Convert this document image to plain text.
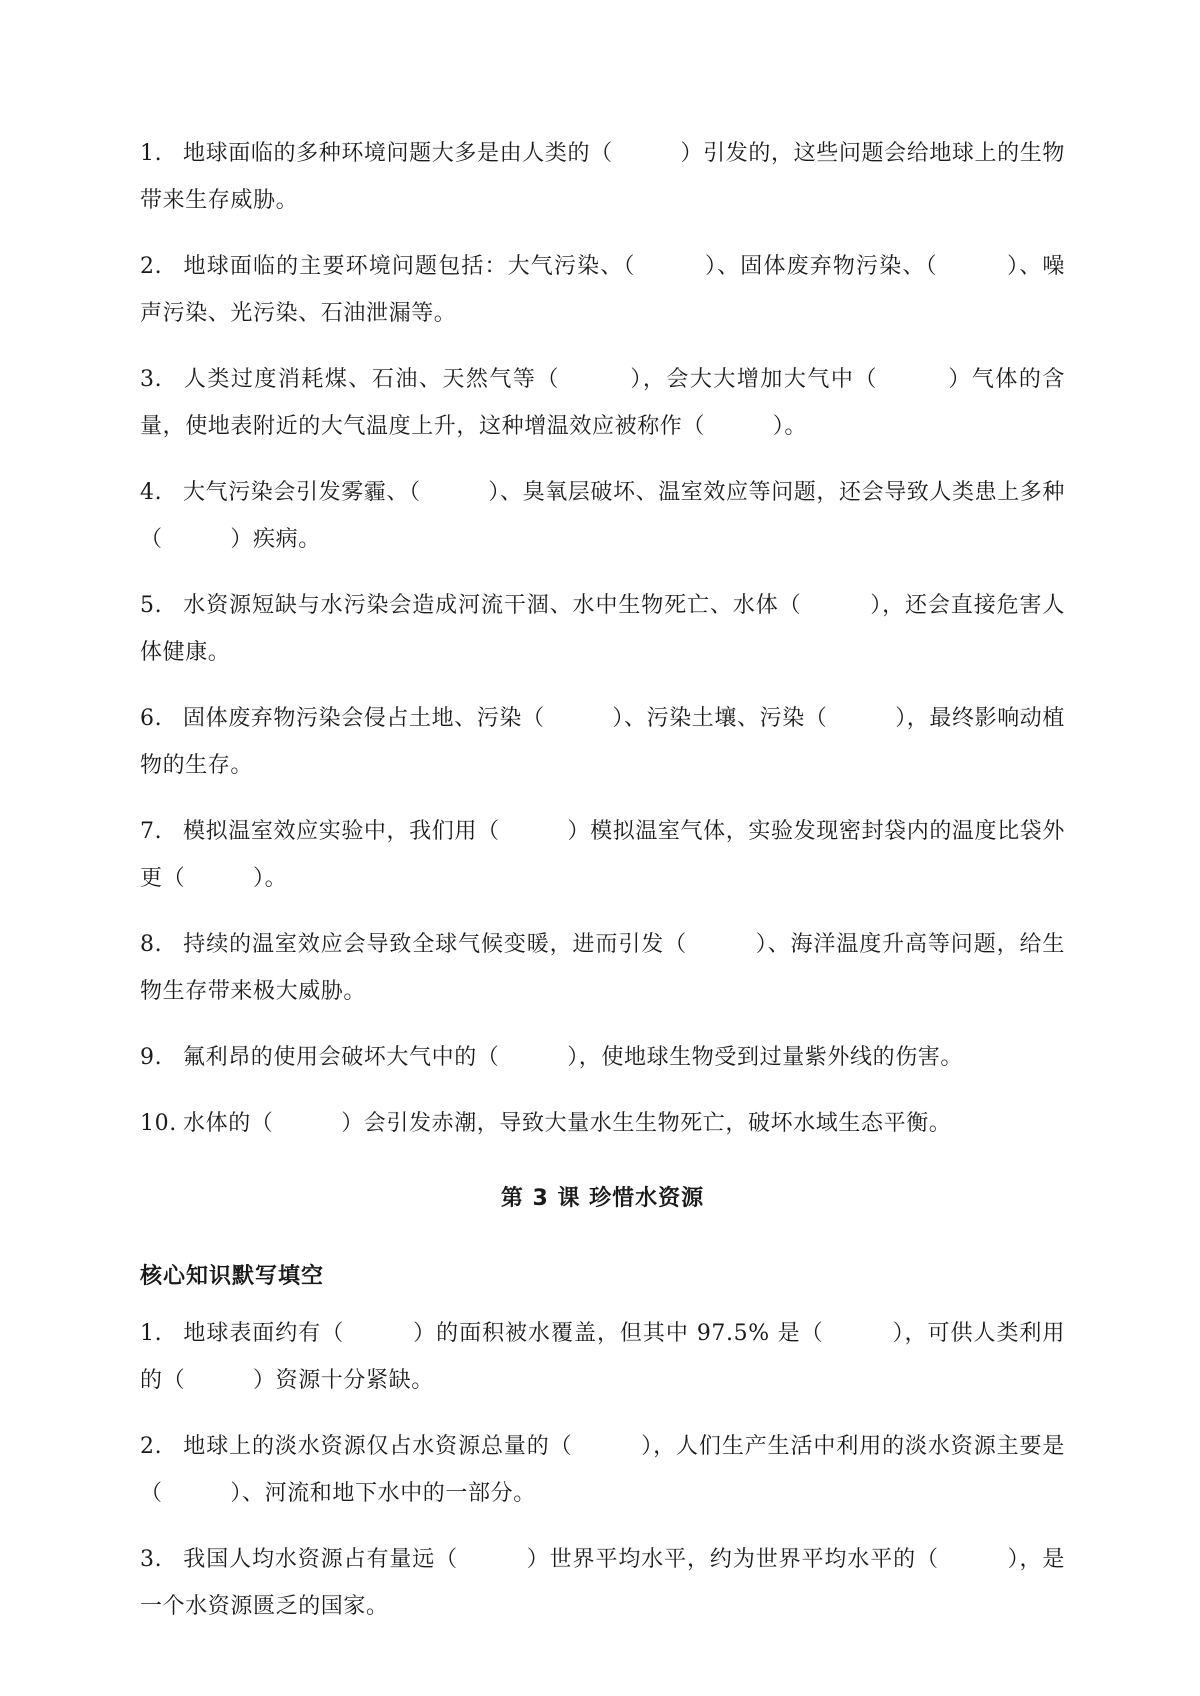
1. 地球面临的多种环境问题大多是由人类的（　　　）引发的，这些问题会给地球上的生物带来生存威胁。

2. 地球面临的主要环境问题包括：大气污染、（　　　）、固体废弃物污染、（　　　）、噪声污染、光污染、石油泄漏等。

3. 人类过度消耗煤、石油、天然气等（　　　），会大大增加大气中（　　　）气体的含量，使地表附近的大气温度上升，这种增温效应被称作（　　　）。

4. 大气污染会引发雾霾、（　　　）、臭氧层破坏、温室效应等问题，还会导致人类患上多种（　　　）疾病。

5. 水资源短缺与水污染会造成河流干涸、水中生物死亡、水体（　　　），还会直接危害人体健康。

6. 固体废弃物污染会侵占土地、污染（　　　）、污染土壤、污染（　　　），最终影响动植物的生存。

7. 模拟温室效应实验中，我们用（　　　）模拟温室气体，实验发现密封袋内的温度比袋外更（　　　）。

8. 持续的温室效应会导致全球气候变暖，进而引发（　　　）、海洋温度升高等问题，给生物生存带来极大威胁。

9. 氟利昂的使用会破坏大气中的（　　　），使地球生物受到过量紫外线的伤害。

10. 水体的（　　　）会引发赤潮，导致大量水生生物死亡，破坏水域生态平衡。

第 3 课 珍惜水资源
核心知识默写填空

1. 地球表面约有（　　　）的面积被水覆盖，但其中 97.5% 是（　　　），可供人类利用的（　　　）资源十分紧缺。

2. 地球上的淡水资源仅占水资源总量的（　　　），人们生产生活中利用的淡水资源主要是（　　　）、河流和地下水中的一部分。

3. 我国人均水资源占有量远（　　　）世界平均水平，约为世界平均水平的（　　　），是一个水资源匮乏的国家。
